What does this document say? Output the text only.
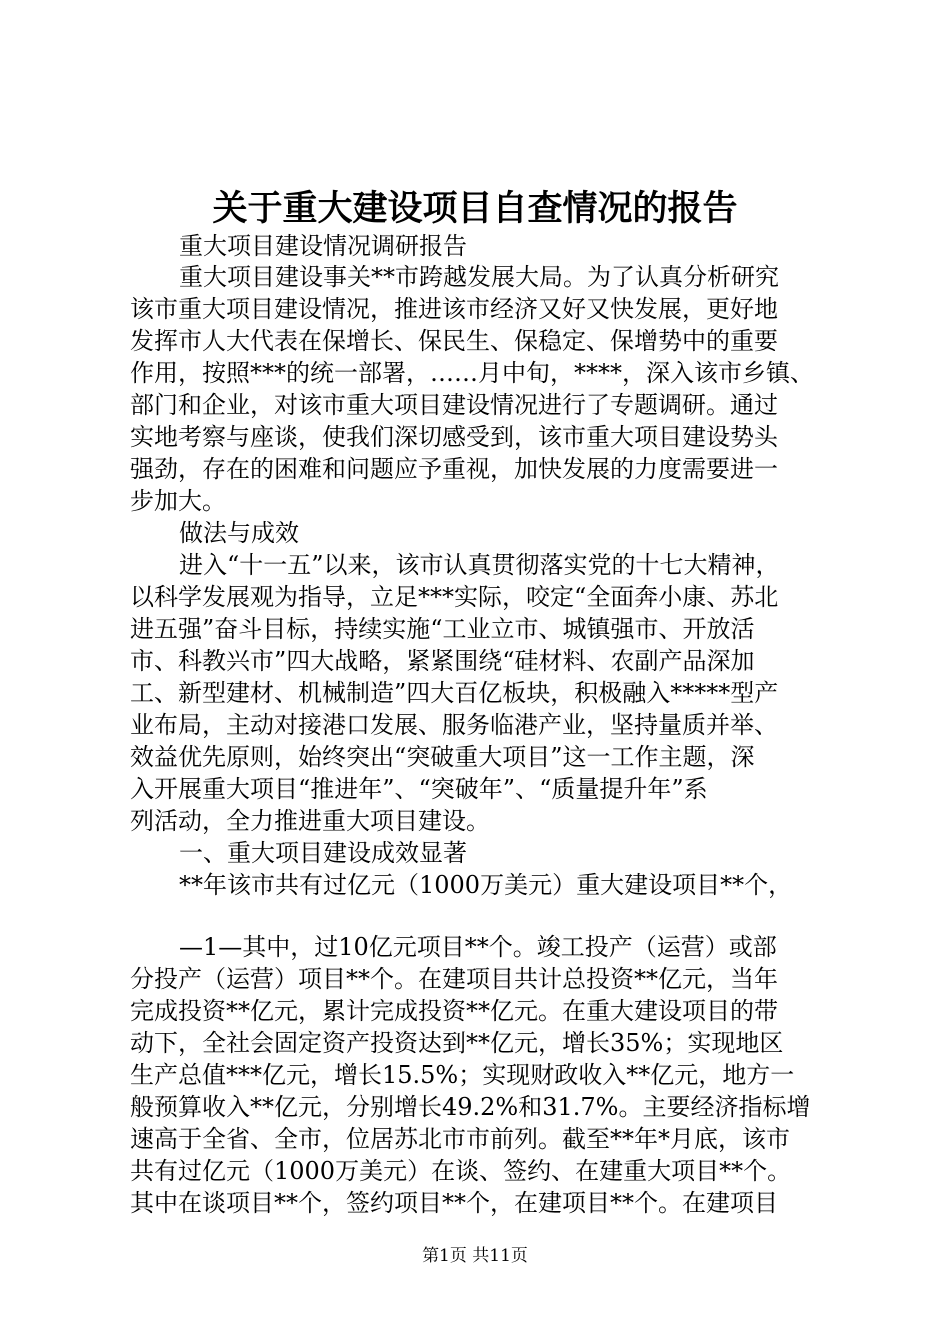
关于重大建设项目自查情况的报告

重大项目建设情况调研报告

重大项目建设事关**市跨越发展大局。为了认真分析研究

该市重大项目建设情况，推进该市经济又好又快发展，更好地

发挥市人大代表在保增长、保民生、保稳定、保增势中的重要

作用，按照***的统一部署，……月中旬，****，深入该市乡镇、

部门和企业，对该市重大项目建设情况进行了专题调研。通过

实地考察与座谈，使我们深切感受到，该市重大项目建设势头

强劲，存在的困难和问题应予重视，加快发展的力度需要进一

步加大。

做法与成效

进入“十一五”以来，该市认真贯彻落实党的十七大精神，

以科学发展观为指导，立足***实际，咬定“全面奔小康、苏北

进五强”奋斗目标，持续实施“工业立市、城镇强市、开放活

市、科教兴市”四大战略，紧紧围绕“硅材料、农副产品深加

工、新型建材、机械制造”四大百亿板块，积极融入*****型产

业布局，主动对接港口发展、服务临港产业，坚持量质并举、

效益优先原则，始终突出“突破重大项目”这一工作主题，深

入开展重大项目“推进年”、“突破年”、“质量提升年”系

列活动，全力推进重大项目建设。

一、重大项目建设成效显著

**年该市共有过亿元（1000万美元）重大建设项目**个，

—1—其中，过10亿元项目**个。竣工投产（运营）或部

分投产（运营）项目**个。在建项目共计总投资**亿元，当年

完成投资**亿元，累计完成投资**亿元。在重大建设项目的带

动下，全社会固定资产投资达到**亿元，增长35%；实现地区

生产总值***亿元，增长15.5%；实现财政收入**亿元，地方一

般预算收入**亿元，分别增长49.2%和31.7%。主要经济指标增

速高于全省、全市，位居苏北市市前列。截至**年*月底，该市

共有过亿元（1000万美元）在谈、签约、在建重大项目**个。

其中在谈项目**个，签约项目**个，在建项目**个。在建项目

第1页 共11页
